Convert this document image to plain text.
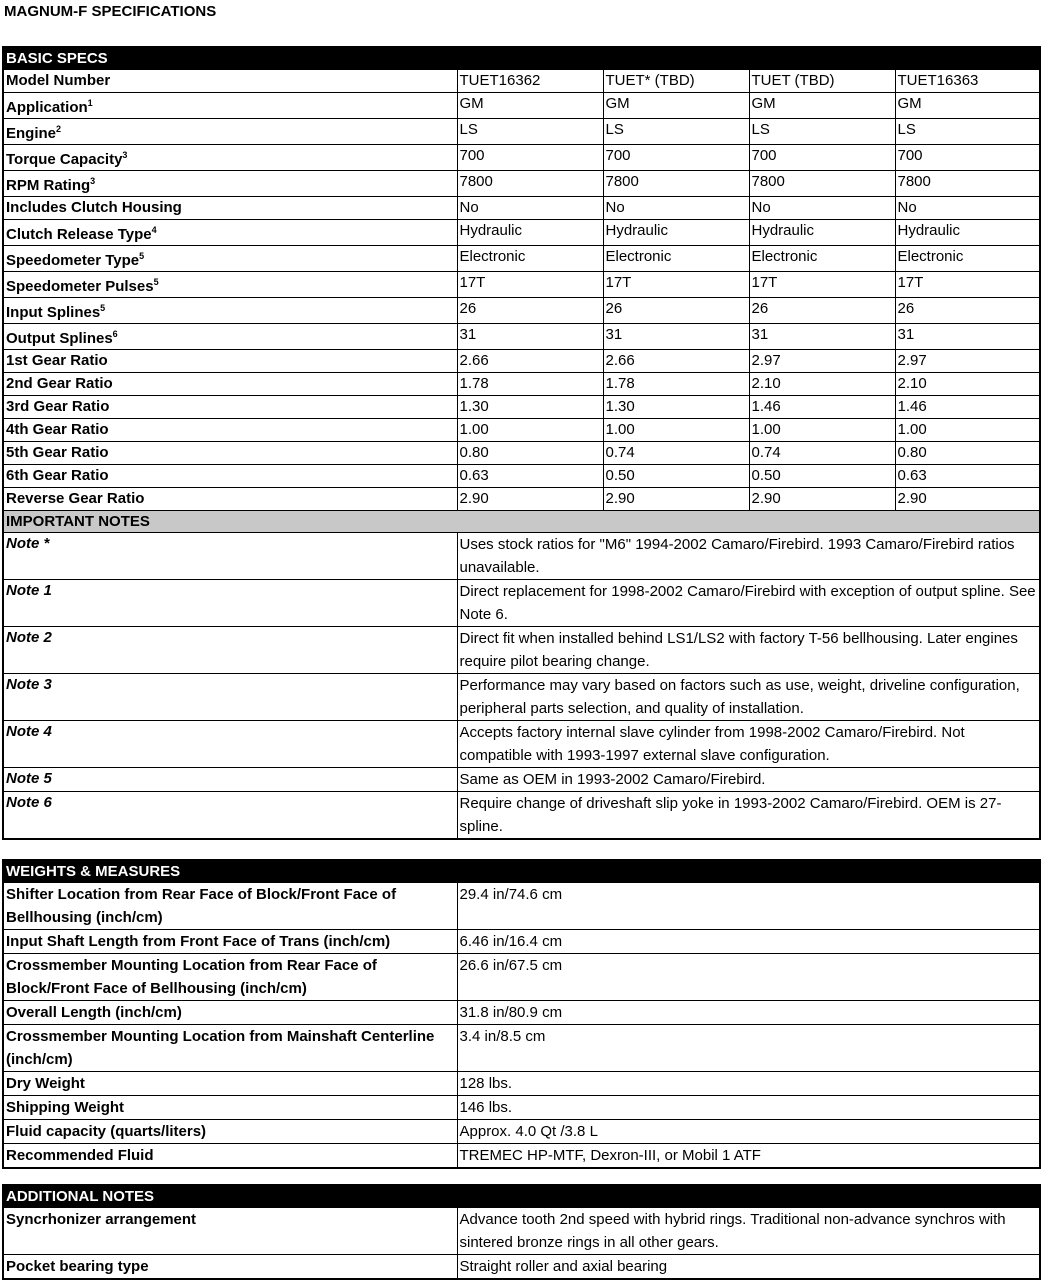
MAGNUM-F SPECIFICATIONS
BASIC SPECS				
Model Number	TUET16362	TUET* (TBD)	TUET (TBD)	TUET16363
Application$^1$	GM	GM	GM	GM
Engine$^2$	LS	LS	LS	LS
Torque Capacity$^3$	700	700	700	700
RPM Rating$^3$	7800	7800	7800	7800
Includes Clutch Housing	No	No	No	No
Clutch Release Type$^4$	Hydraulic	Hydraulic	Hydraulic	Hydraulic
Speedometer Type$^5$	Electronic	Electronic	Electronic	Electronic
Speedometer Pulses$^5$	17T	17T	17T	17T
Input Splines$^5$	26	26	26	26
Output Splines$^6$	31	31	31	31
1st Gear Ratio	2.66	2.66	2.97	2.97
2nd Gear Ratio	1.78	1.78	2.10	2.10
3rd Gear Ratio	1.30	1.30	1.46	1.46
4th Gear Ratio	1.00	1.00	1.00	1.00
5th Gear Ratio	0.80	0.74	0.74	0.80
6th Gear Ratio	0.63	0.50	0.50	0.63
Reverse Gear Ratio	2.90	2.90	2.90	2.90
IMPORTANT NOTES				
Note *	Uses stock ratios for "M6" 1994-2002 Camaro/Firebird. 1993 Camaro/Firebird ratios unavailable.			
Note 1	Direct replacement for 1998-2002 Camaro/Firebird with exception of output spline. See Note 6.			
Note 2	Direct fit when installed behind LS1/LS2 with factory T-56 bellhousing. Later engines require pilot bearing change.			
Note 3	Performance may vary based on factors such as use, weight, driveline configuration, peripheral parts selection, and quality of installation.			
Note 4	Accepts factory internal slave cylinder from 1998-2002 Camaro/Firebird. Not compatible with 1993-1997 external slave configuration.			
Note 5	Same as OEM in 1993-2002 Camaro/Firebird.			
Note 6	Require change of driveshaft slip yoke in 1993-2002 Camaro/Firebird. OEM is 27-spline.			
WEIGHTS & MEASURES	
Shifter Location from Rear Face of Block/Front Face of Bellhousing (inch/cm)	29.4 in/74.6 cm
Input Shaft Length from Front Face of Trans (inch/cm)	6.46 in/16.4 cm
Crossmember Mounting Location from Rear Face of Block/Front Face of Bellhousing (inch/cm)	26.6 in/67.5 cm
Overall Length (inch/cm)	31.8 in/80.9 cm
Crossmember Mounting Location from Mainshaft Centerline (inch/cm)	3.4 in/8.5 cm
Dry Weight	128 lbs.
Shipping Weight	146 lbs.
Fluid capacity (quarts/liters)	Approx. 4.0 Qt /3.8 L
Recommended Fluid	TREMEC HP-MTF, Dexron-III, or Mobil 1 ATF
ADDITIONAL NOTES	
Syncrhonizer arrangement	Advance tooth 2nd speed with hybrid rings. Traditional non-advance synchros with sintered bronze rings in all other gears.
Pocket bearing type	Straight roller and axial bearing
